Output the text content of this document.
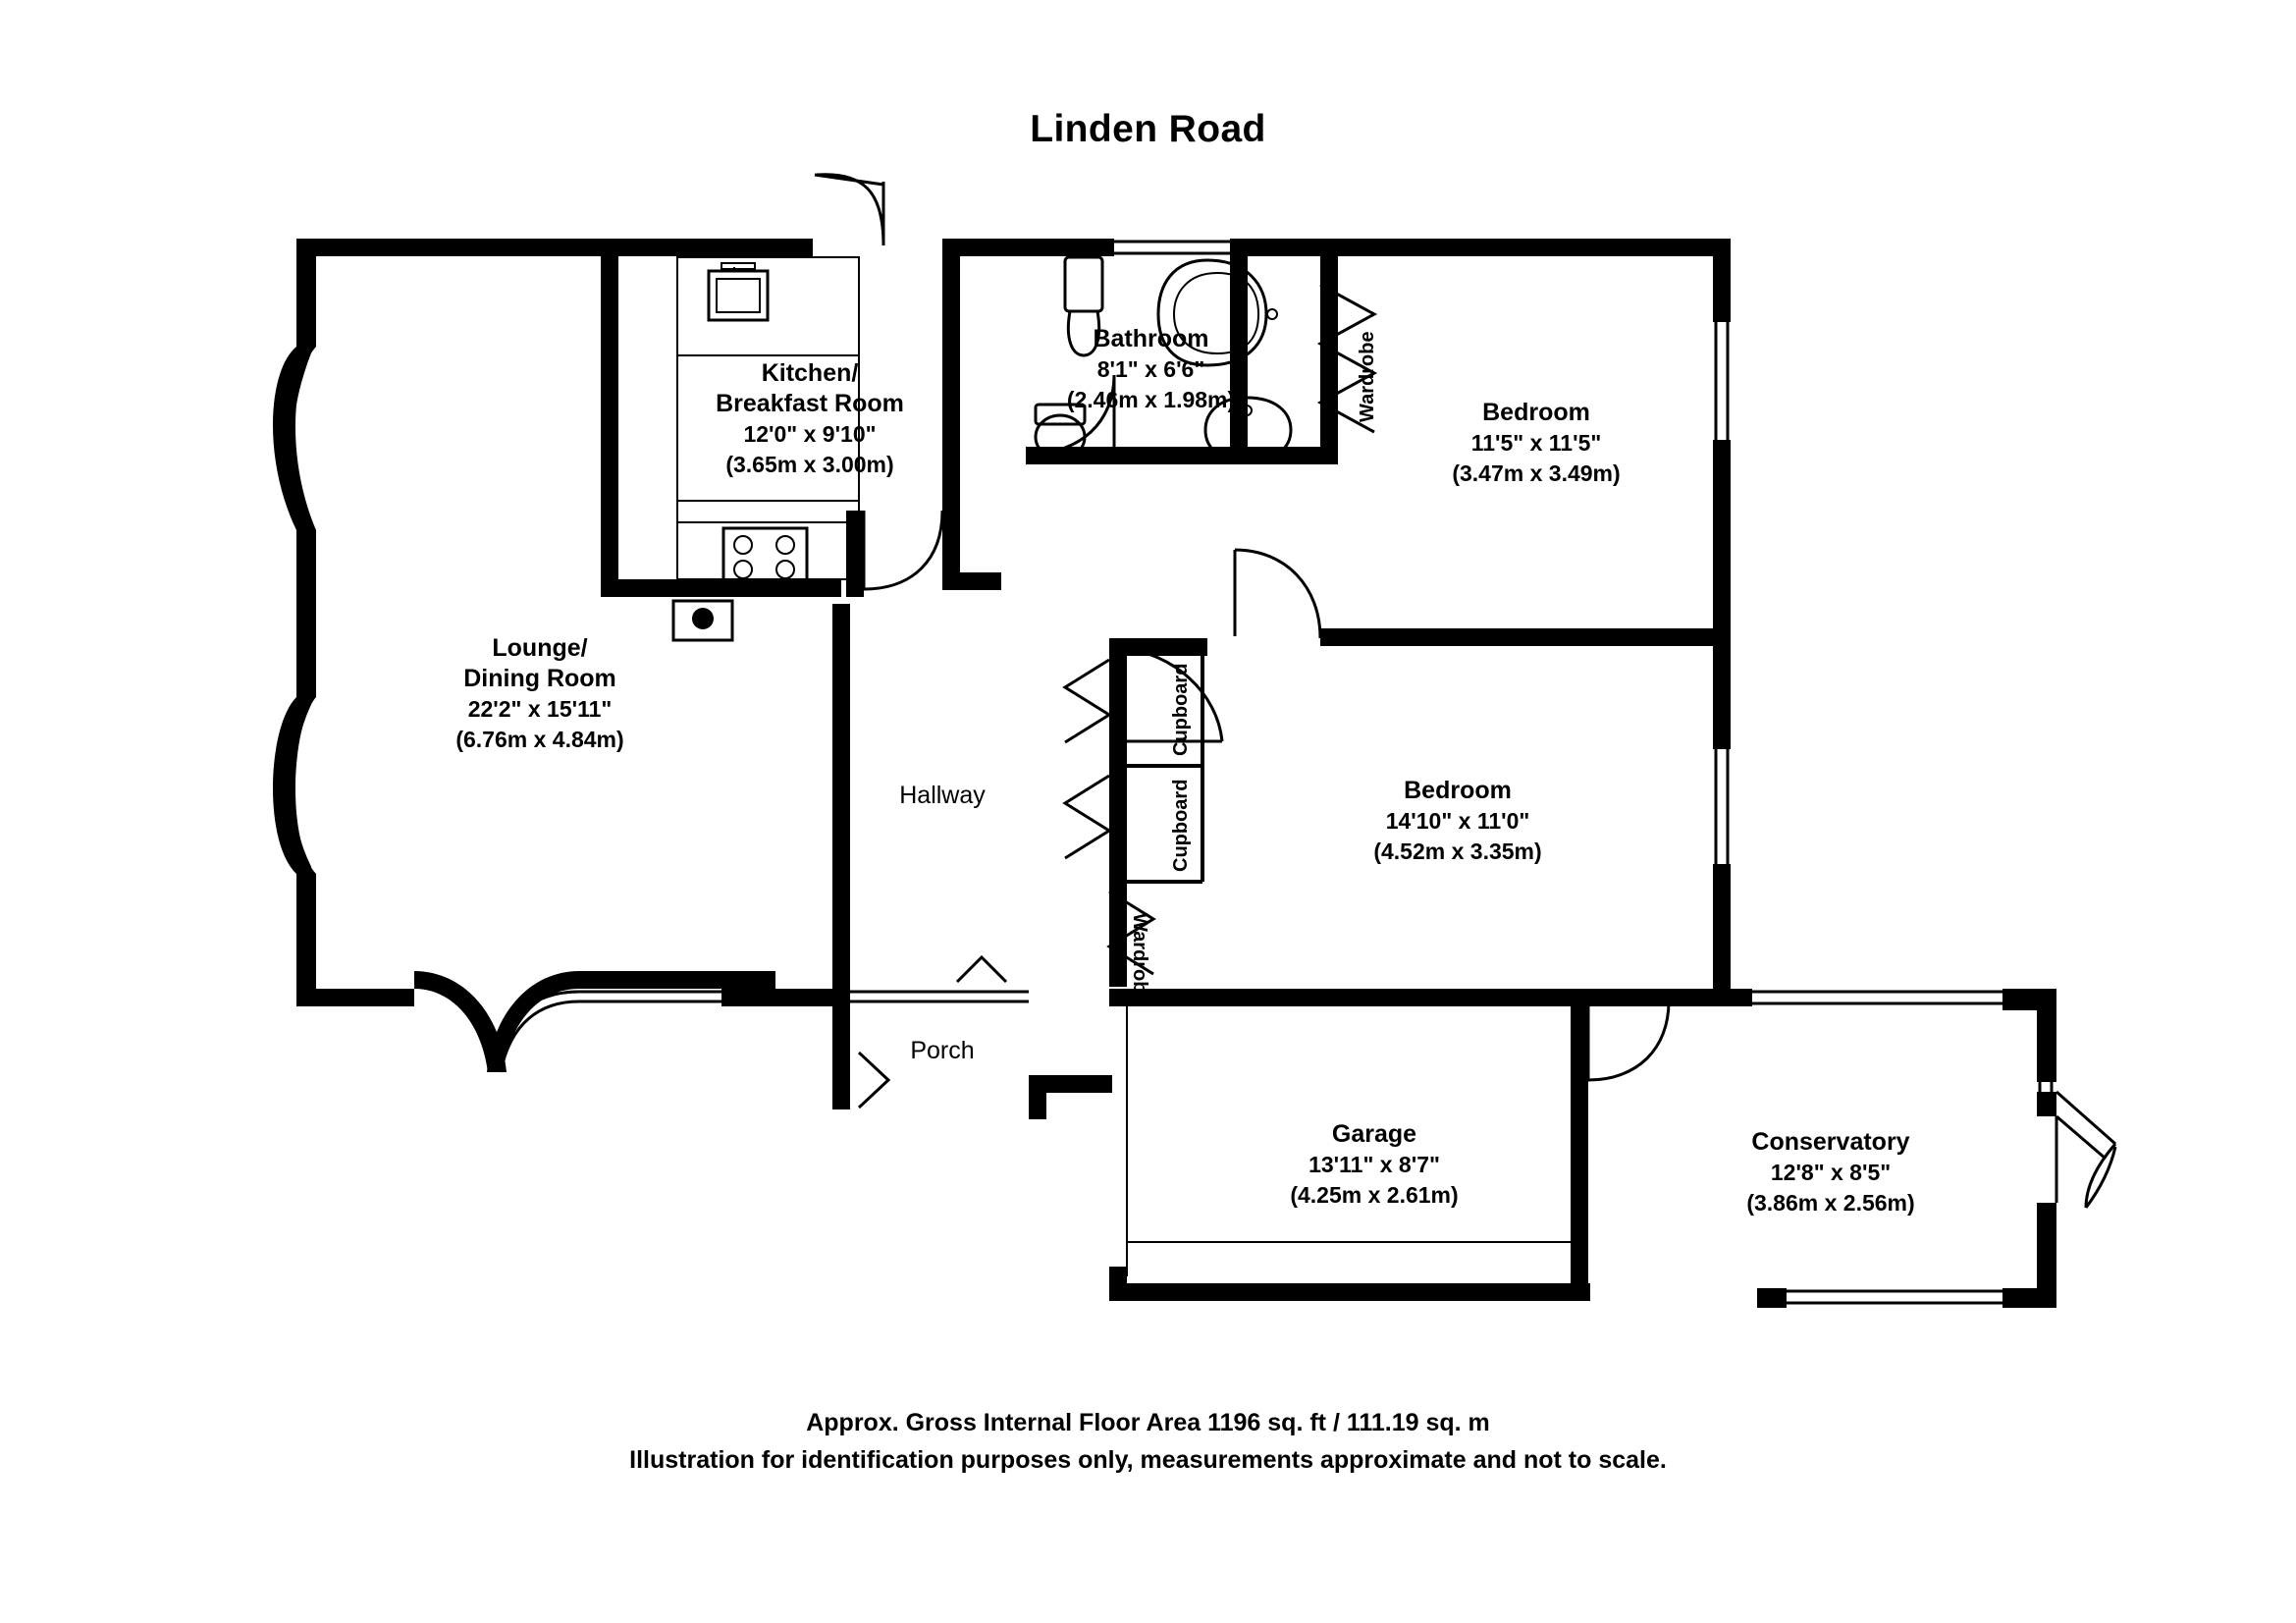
Linden Road
Kitchen/
Breakfast Room
12'0" x 9'10"
(3.65m x 3.00m)
Bathroom
8'1" x 6'6"
(2.46m x 1.98m)	Bedroom
11'5" x 11'5"
(3.47m x 3.49m)
Lounge/
Dining Room
22'2" x 15'11"
(6.76m x 4.84m)
Bedroom
14'10" x 11'0"
(4.52m x 3.35m)
Garage
13'11" x 8'7"
(4.25m x 2.61m)
Conservatory
12'8" x 8'5"
(3.86m x 2.56m)
Hallway
Porch
Wardrobe
Cupboard
Cupboard
Wardrobe
Approx. Gross Internal Floor Area 1196 sq. ft / 111.19 sq. m
Illustration for identification purposes only, measurements approximate and not to scale.
